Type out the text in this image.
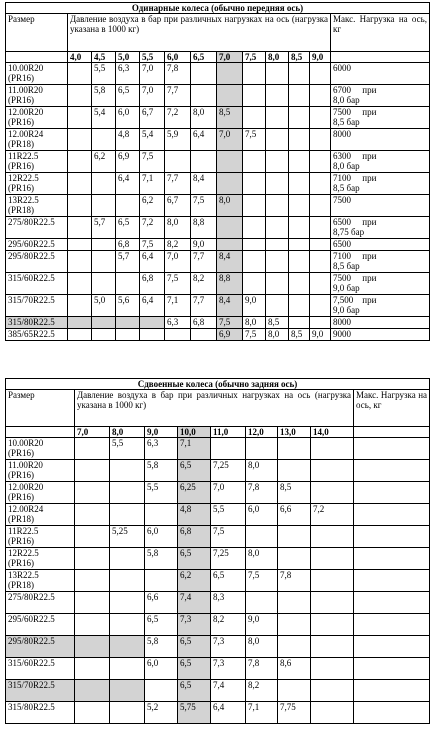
Одинарные колеса (обычно передняя ось)												
Размер	Давление воздуха в бар при различных нагрузках на ось (нагрузка указана в 1000 кг)											Макс. Нагрузка на ось, кг
	4,0	4,5	5,0	5,5	6,0	6,5	7,0	7,5	8,0	8,5	9,0	
10.00R20
(PR16)		5,5	6,3	7,0	7,8							6000
11.00R20
(PR16)		5,8	6,5	7,0	7,7							6700     при
8,0 бар
12.00R20
(PR16)		5,4	6,0	6,7	7,2	8,0	8,5					7500     при
8,5 бар
12.00R24
(PR18)			4,8	5,4	5,9	6,4	7,0	7,5				8000
11R22.5
(PR16)		6,2	6,9	7,5								6300     при
8,0 бар
12R22.5
(PR16)			6,4	7,1	7,7	8,4						7100     при
8,5 бар
13R22.5
(PR18)				6,2	6,7	7,5	8,0					7500
275/80R22.5		5,7	6,5	7,2	8,0	8,8						6500     при
8,75 бар
295/60R22.5			6,8	7,5	8,2	9,0						6500
295/80R22.5			5,7	6,4	7,0	7,7	8,4					7100     при
8,5 бар
315/60R22.5				6,8	7,5	8,2	8,8					7500     при
9,0 бар
315/70R22.5		5,0	5,6	6,4	7,1	7,7	8,4	9,0				7,500    при
9,0 бар
315/80R22.5					6,3	6,8	7,5	8,0	8,5			8000
385/65R22.5							6,9	7,5	8,0	8,5	9,0	9000
Сдвоенные колеса (обычно задняя ось)										
Размер	Давление воздуха в бар при различных нагрузках на ось (нагрузка указана в 1000 кг)								Макс. Нагрузка на ось, кг	
	7,0	8,0	9,0	10,0	11,0	12,0	13,0	14,0		
10.00R20
(PR16)		5,5	6,3	7,1						
11.00R20
(PR16)			5,8	6,5	7,25	8,0				
12.00R20
(PR16)			5,5	6,25	7,0	7,8	8,5			
12.00R24
(PR18)				4,8	5,5	6,0	6,6	7,2		
11R22.5
(PR16)		5,25	6,0	6,8	7,5					
12R22.5
(PR16)			5,8	6,5	7,25	8,0				
13R22.5
(PR18)				6,2	6,5	7,5	7,8			
275/80R22.5			6,6	7,4	8,3					
295/60R22.5			6,5	7,3	8,2	9,0				
295/80R22.5			5,8	6,5	7,3	8,0				
315/60R22.5			6,0	6,5	7,3	7,8	8,6			
315/70R22.5				6,5	7,4	8,2				
315/80R22.5			5,2	5,75	6,4	7,1	7,75			
